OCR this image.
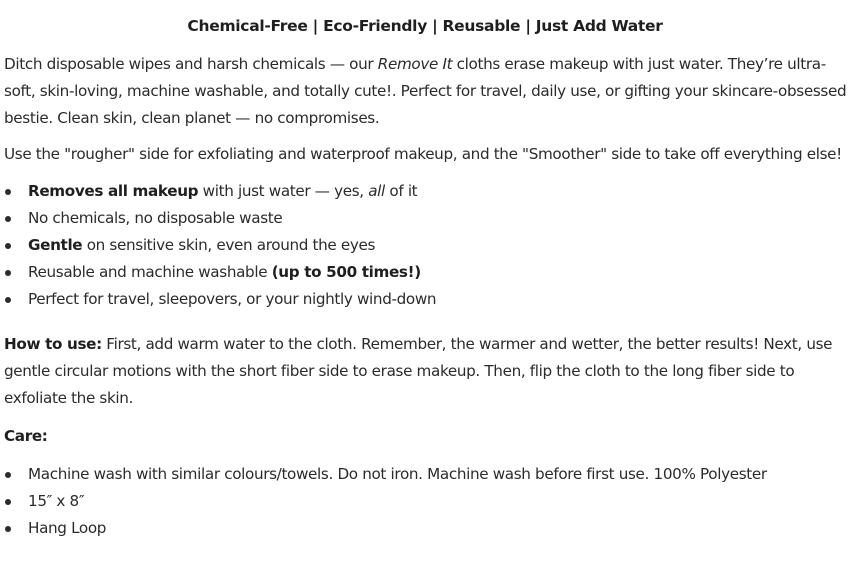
Chemical-Free | Eco-Friendly | Reusable | Just Add Water

Ditch disposable wipes and harsh chemicals — our Remove It cloths erase makeup with just water. They’re ultra-soft, skin-loving, machine washable, and totally cute!. Perfect for travel, daily use, or gifting your skincare-obsessed bestie. Clean skin, clean planet — no compromises.

Use the "rougher" side for exfoliating and waterproof makeup, and the "Smoother" side to take off everything else!

Removes all makeup with just water — yes, all of it
No chemicals, no disposable waste
Gentle on sensitive skin, even around the eyes
Reusable and machine washable (up to 500 times!)
Perfect for travel, sleepovers, or your nightly wind-down

How to use: First, add warm water to the cloth. Remember, the warmer and wetter, the better results! Next, use gentle circular motions with the short fiber side to erase makeup. Then, flip the cloth to the long fiber side to exfoliate the skin.

Care:

Machine wash with similar colours/towels. Do not iron. Machine wash before first use. 100% Polyester
15″ x 8″
Hang Loop
